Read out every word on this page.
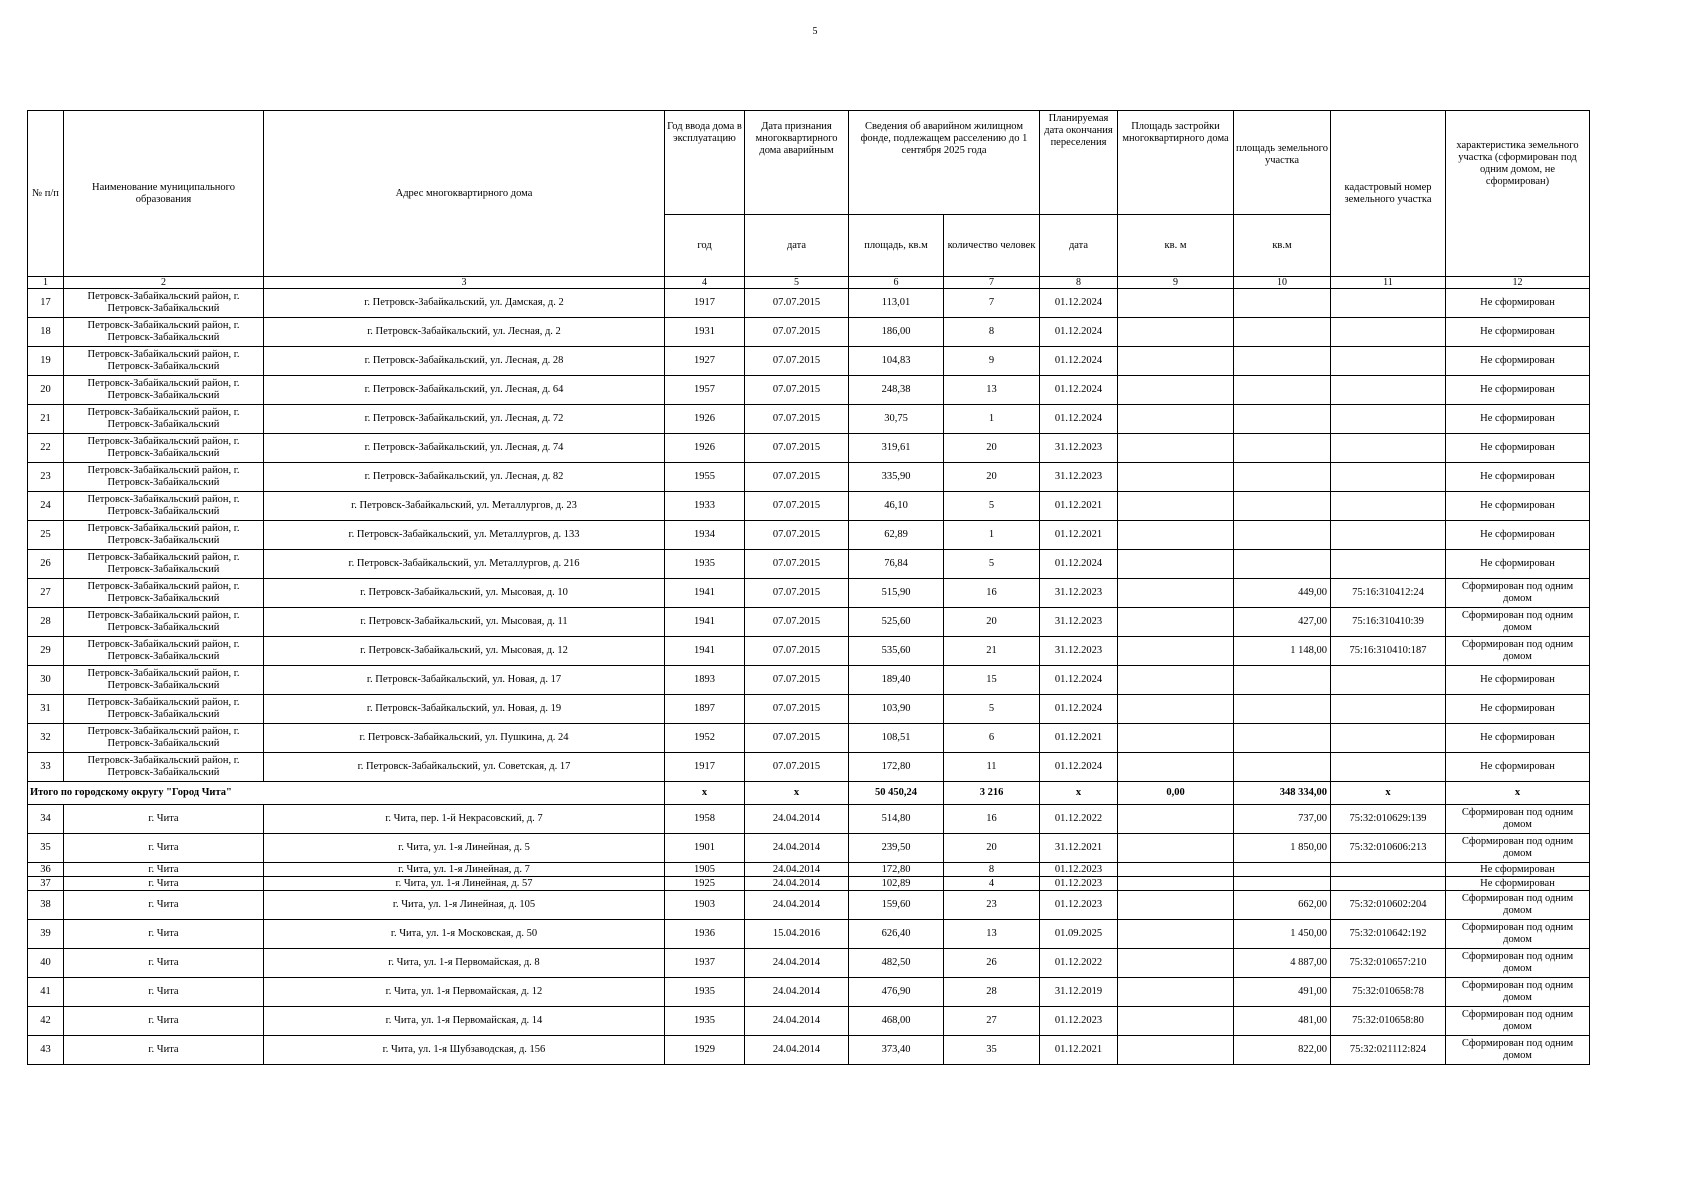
5
№ п/п	Наименование муниципального образования	Адрес многоквартирного дома	Год ввода дома в эксплуатацию	Дата признания многоквартирного дома аварийным	Сведения об аварийном жилищном фонде, подлежащем расселению до 1 сентября 2025 года		Планируемая дата окончания переселения	Площадь застройки многоквартирного дома	площадь земельного участка	кадастровый номер земельного участка	характеристика земельного участка (сформирован под одним домом, не сформирован)
			год	дата	площадь, кв.м	количество человек	дата	кв. м	кв.м		
1	2	3	4	5	6	7	8	9	10	11	12
17	Петровск-Забайкальский район, г. Петровск-Забайкальский	г. Петровск-Забайкальский, ул. Дамская, д. 2	1917	07.07.2015	113,01	7	01.12.2024				Не сформирован
18	Петровск-Забайкальский район, г. Петровск-Забайкальский	г. Петровск-Забайкальский, ул. Лесная, д. 2	1931	07.07.2015	186,00	8	01.12.2024				Не сформирован
19	Петровск-Забайкальский район, г. Петровск-Забайкальский	г. Петровск-Забайкальский, ул. Лесная, д. 28	1927	07.07.2015	104,83	9	01.12.2024				Не сформирован
20	Петровск-Забайкальский район, г. Петровск-Забайкальский	г. Петровск-Забайкальский, ул. Лесная, д. 64	1957	07.07.2015	248,38	13	01.12.2024				Не сформирован
21	Петровск-Забайкальский район, г. Петровск-Забайкальский	г. Петровск-Забайкальский, ул. Лесная, д. 72	1926	07.07.2015	30,75	1	01.12.2024				Не сформирован
22	Петровск-Забайкальский район, г. Петровск-Забайкальский	г. Петровск-Забайкальский, ул. Лесная, д. 74	1926	07.07.2015	319,61	20	31.12.2023				Не сформирован
23	Петровск-Забайкальский район, г. Петровск-Забайкальский	г. Петровск-Забайкальский, ул. Лесная, д. 82	1955	07.07.2015	335,90	20	31.12.2023				Не сформирован
24	Петровск-Забайкальский район, г. Петровск-Забайкальский	г. Петровск-Забайкальский, ул. Металлургов, д. 23	1933	07.07.2015	46,10	5	01.12.2021				Не сформирован
25	Петровск-Забайкальский район, г. Петровск-Забайкальский	г. Петровск-Забайкальский, ул. Металлургов, д. 133	1934	07.07.2015	62,89	1	01.12.2021				Не сформирован
26	Петровск-Забайкальский район, г. Петровск-Забайкальский	г. Петровск-Забайкальский, ул. Металлургов, д. 216	1935	07.07.2015	76,84	5	01.12.2024				Не сформирован
27	Петровск-Забайкальский район, г. Петровск-Забайкальский	г. Петровск-Забайкальский, ул. Мысовая, д. 10	1941	07.07.2015	515,90	16	31.12.2023		449,00	75:16:310412:24	Сформирован под одним домом
28	Петровск-Забайкальский район, г. Петровск-Забайкальский	г. Петровск-Забайкальский, ул. Мысовая, д. 11	1941	07.07.2015	525,60	20	31.12.2023		427,00	75:16:310410:39	Сформирован под одним домом
29	Петровск-Забайкальский район, г. Петровск-Забайкальский	г. Петровск-Забайкальский, ул. Мысовая, д. 12	1941	07.07.2015	535,60	21	31.12.2023		1 148,00	75:16:310410:187	Сформирован под одним домом
30	Петровск-Забайкальский район, г. Петровск-Забайкальский	г. Петровск-Забайкальский, ул. Новая, д. 17	1893	07.07.2015	189,40	15	01.12.2024				Не сформирован
31	Петровск-Забайкальский район, г. Петровск-Забайкальский	г. Петровск-Забайкальский, ул. Новая, д. 19	1897	07.07.2015	103,90	5	01.12.2024				Не сформирован
32	Петровск-Забайкальский район, г. Петровск-Забайкальский	г. Петровск-Забайкальский, ул. Пушкина, д. 24	1952	07.07.2015	108,51	6	01.12.2021				Не сформирован
33	Петровск-Забайкальский район, г. Петровск-Забайкальский	г. Петровск-Забайкальский, ул. Советская, д. 17	1917	07.07.2015	172,80	11	01.12.2024				Не сформирован
Итого по городскому округу "Город Чита"			х	х	50 450,24	3 216	х	0,00	348 334,00	х	х
34	г. Чита	г. Чита, пер. 1-й Некрасовский, д. 7	1958	24.04.2014	514,80	16	01.12.2022		737,00	75:32:010629:139	Сформирован под одним домом
35	г. Чита	г. Чита, ул. 1-я Линейная, д. 5	1901	24.04.2014	239,50	20	31.12.2021		1 850,00	75:32:010606:213	Сформирован под одним домом
36	г. Чита	г. Чита, ул. 1-я Линейная, д. 7	1905	24.04.2014	172,80	8	01.12.2023				Не сформирован
37	г. Чита	г. Чита, ул. 1-я Линейная, д. 57	1925	24.04.2014	102,89	4	01.12.2023				Не сформирован
38	г. Чита	г. Чита, ул. 1-я Линейная, д. 105	1903	24.04.2014	159,60	23	01.12.2023		662,00	75:32:010602:204	Сформирован под одним домом
39	г. Чита	г. Чита, ул. 1-я Московская, д. 50	1936	15.04.2016	626,40	13	01.09.2025		1 450,00	75:32:010642:192	Сформирован под одним домом
40	г. Чита	г. Чита, ул. 1-я Первомайская, д. 8	1937	24.04.2014	482,50	26	01.12.2022		4 887,00	75:32:010657:210	Сформирован под одним домом
41	г. Чита	г. Чита, ул. 1-я Первомайская, д. 12	1935	24.04.2014	476,90	28	31.12.2019		491,00	75:32:010658:78	Сформирован под одним домом
42	г. Чита	г. Чита, ул. 1-я Первомайская, д. 14	1935	24.04.2014	468,00	27	01.12.2023		481,00	75:32:010658:80	Сформирован под одним домом
43	г. Чита	г. Чита, ул. 1-я Шубзаводская, д. 156	1929	24.04.2014	373,40	35	01.12.2021		822,00	75:32:021112:824	Сформирован под одним домом
